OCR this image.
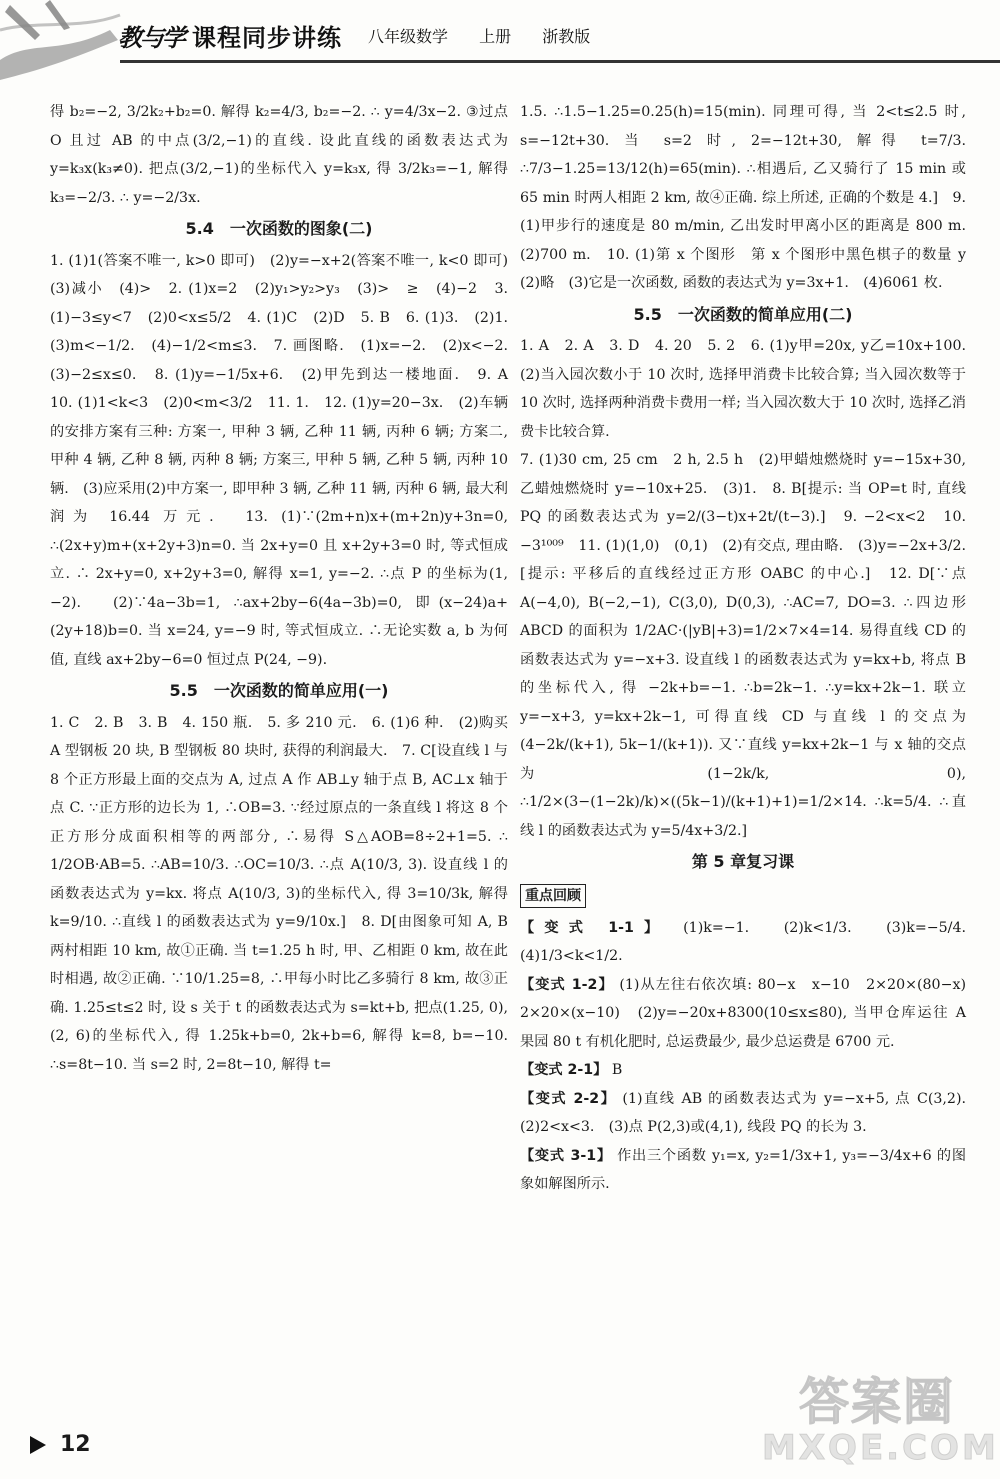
教与学 课程同步讲练 八年级数学 上册 浙教版

得 b₂=−2, 3/2k₂+b₂=0. 解得 k₂=4/3, b₂=−2. ∴ y=4/3x−2. ③过点 O 且过 AB 的中点(3/2,−1)的直线. 设此直线的函数表达式为 y=k₃x(k₃≠0). 把点(3/2,−1)的坐标代入 y=k₃x, 得 3/2k₃=−1, 解得 k₃=−2/3. ∴ y=−2/3x.

5.4　一次函数的图象(二)

1. (1)1(答案不唯一, k>0 即可)　(2)y=−x+2(答案不唯一, k<0 即可)　(3)减小　(4)>　2. (1)x=2　(2)y₁>y₂>y₃　(3)>　≥　(4)−2　3. (1)−3≤y<7　(2)0<x≤5/2　4. (1)C　(2)D　5. B　6. (1)3.　(2)1.　(3)m<−1/2.　(4)−1/2<m≤3.　7. 画图略.　(1)x=−2.　(2)x<−2.　(3)−2≤x≤0.　8. (1)y=−1/5x+6.　(2)甲先到达一楼地面.　9. A　10. (1)1<k<3　(2)0<m<3/2　11. 1.　12. (1)y=20−3x.　(2)车辆的安排方案有三种: 方案一, 甲种 3 辆, 乙种 11 辆, 丙种 6 辆; 方案二, 甲种 4 辆, 乙种 8 辆, 丙种 8 辆; 方案三, 甲种 5 辆, 乙种 5 辆, 丙种 10 辆.　(3)应采用(2)中方案一, 即甲种 3 辆, 乙种 11 辆, 丙种 6 辆, 最大利润为 16.44 万元.　13. (1)∵(2m+n)x+(m+2n)y+3n=0, ∴(2x+y)m+(x+2y+3)n=0. 当 2x+y=0 且 x+2y+3=0 时, 等式恒成立. ∴ 2x+y=0, x+2y+3=0, 解得 x=1, y=−2. ∴点 P 的坐标为(1, −2).　(2)∵4a−3b=1, ∴ax+2by−6(4a−3b)=0, 即(x−24)a+(2y+18)b=0. 当 x=24, y=−9 时, 等式恒成立. ∴无论实数 a, b 为何值, 直线 ax+2by−6=0 恒过点 P(24, −9).

5.5　一次函数的简单应用(一)

1. C　2. B　3. B　4. 150 瓶.　5. 多 210 元.　6. (1)6 种.　(2)购买 A 型钢板 20 块, B 型钢板 80 块时, 获得的利润最大.　7. C[设直线 l 与 8 个正方形最上面的交点为 A, 过点 A 作 AB⊥y 轴于点 B, AC⊥x 轴于点 C. ∵正方形的边长为 1, ∴OB=3. ∵经过原点的一条直线 l 将这 8 个正方形分成面积相等的两部分, ∴易得 S△AOB=8÷2+1=5. ∴ 1/2OB·AB=5. ∴AB=10/3. ∴OC=10/3. ∴点 A(10/3, 3). 设直线 l 的函数表达式为 y=kx. 将点 A(10/3, 3)的坐标代入, 得 3=10/3k, 解得 k=9/10. ∴直线 l 的函数表达式为 y=9/10x.]　8. D[由图象可知 A, B 两村相距 10 km, 故①正确. 当 t=1.25 h 时, 甲、乙相距 0 km, 故在此时相遇, 故②正确. ∵10/1.25=8, ∴甲每小时比乙多骑行 8 km, 故③正确. 1.25≤t≤2 时, 设 s 关于 t 的函数表达式为 s=kt+b, 把点(1.25, 0), (2, 6)的坐标代入, 得 1.25k+b=0, 2k+b=6, 解得 k=8, b=−10. ∴s=8t−10. 当 s=2 时, 2=8t−10, 解得 t=

1.5. ∴1.5−1.25=0.25(h)=15(min). 同理可得, 当 2<t≤2.5 时, s=−12t+30. 当 s=2 时, 2=−12t+30, 解得 t=7/3. ∴7/3−1.25=13/12(h)=65(min). ∴相遇后, 乙又骑行了 15 min 或 65 min 时两人相距 2 km, 故④正确. 综上所述, 正确的个数是 4.]　9. (1)甲步行的速度是 80 m/min, 乙出发时甲离小区的距离是 800 m.　(2)700 m.　10. (1)第 x 个图形　第 x 个图形中黑色棋子的数量 y　(2)略　(3)它是一次函数, 函数的表达式为 y=3x+1.　(4)6061 枚.

5.5　一次函数的简单应用(二)

1. A　2. A　3. D　4. 20　5. 2　6. (1)y甲=20x, y乙=10x+100.　(2)当入园次数小于 10 次时, 选择甲消费卡比较合算; 当入园次数等于 10 次时, 选择两种消费卡费用一样; 当入园次数大于 10 次时, 选择乙消费卡比较合算.

7. (1)30 cm, 25 cm　2 h, 2.5 h　(2)甲蜡烛燃烧时 y=−15x+30, 乙蜡烛燃烧时 y=−10x+25.　(3)1.　8. B[提示: 当 OP=t 时, 直线 PQ 的函数表达式为 y=2/(3−t)x+2t/(t−3).]　9. −2<x<2　10. −3¹⁰⁰⁹　11. (1)(1,0)　(0,1)　(2)有交点, 理由略.　(3)y=−2x+3/2. [提示: 平移后的直线经过正方形 OABC 的中心.]　12. D[∵点 A(−4,0), B(−2,−1), C(3,0), D(0,3), ∴AC=7, DO=3. ∴四边形 ABCD 的面积为 1/2AC·(|yB|+3)=1/2×7×4=14. 易得直线 CD 的函数表达式为 y=−x+3. 设直线 l 的函数表达式为 y=kx+b, 将点 B 的坐标代入, 得 −2k+b=−1. ∴b=2k−1. ∴y=kx+2k−1. 联立 y=−x+3, y=kx+2k−1, 可得直线 CD 与直线 l 的交点为(4−2k/(k+1), 5k−1/(k+1)). 又∵直线 y=kx+2k−1 与 x 轴的交点为(1−2k/k, 0), ∴1/2×(3−(1−2k)/k)×((5k−1)/(k+1)+1)=1/2×14. ∴k=5/4. ∴直线 l 的函数表达式为 y=5/4x+3/2.]

第 5 章复习课
重点回顾

【变式 1-1】 (1)k=−1.　(2)k<1/3.　(3)k=−5/4.　(4)1/3<k<1/2.

【变式 1-2】 (1)从左往右依次填: 80−x　x−10　2×20×(80−x)　2×20×(x−10)　(2)y=−20x+8300(10≤x≤80), 当甲仓库运往 A 果园 80 t 有机化肥时, 总运费最少, 最少总运费是 6700 元.

【变式 2-1】 B

【变式 2-2】 (1)直线 AB 的函数表达式为 y=−x+5, 点 C(3,2).　(2)2<x<3.　(3)点 P(2,3)或(4,1), 线段 PQ 的长为 3.

【变式 3-1】 作出三个函数 y₁=x, y₂=1/3x+1, y₃=−3/4x+6 的图象如解图所示.

12
答案圈
MXQE.COM
